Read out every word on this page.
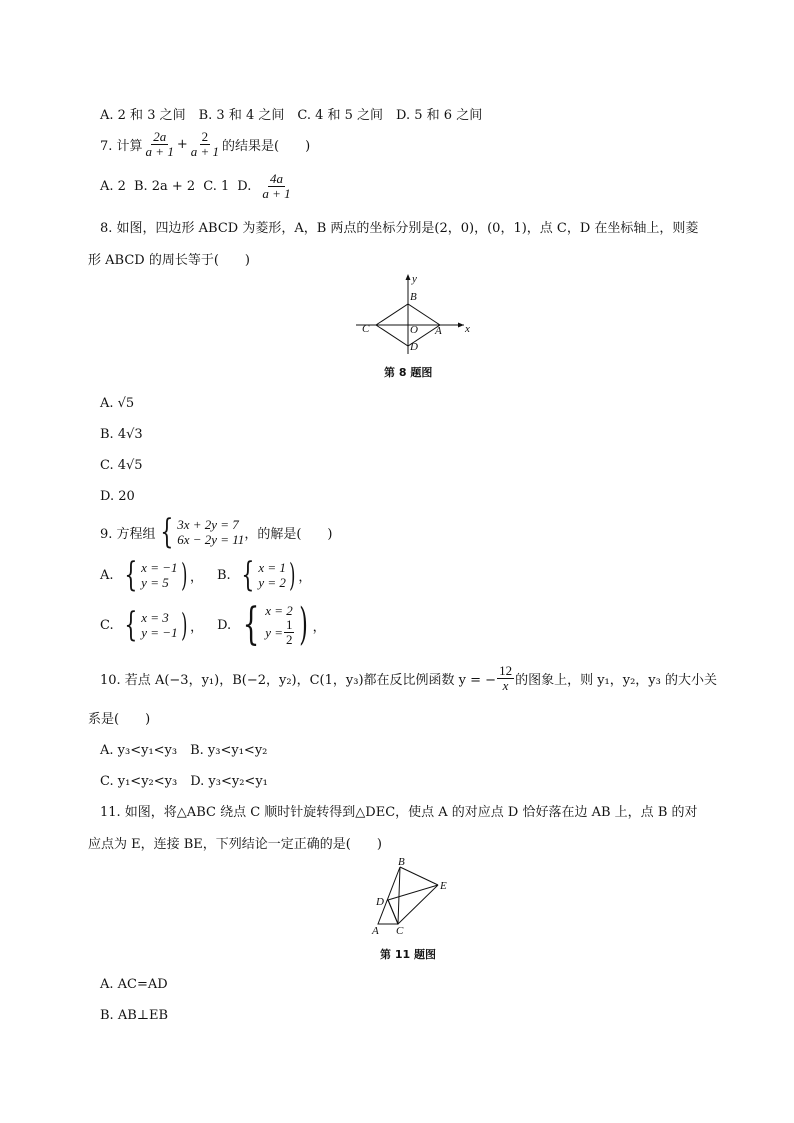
A. 2 和 3 之间　B. 3 和 4 之间　C. 4 和 5 之间　D. 5 和 6 之间
7. 计算 $\frac{2a}{a + 1} + \frac{2}{a + 1}$ 的结果是(　　)
A. 2 B. 2a + 2 C. 1 D. $\frac{4a}{a + 1}$
8. 如图，四边形 ABCD 为菱形，A，B 两点的坐标分别是(2，0)，(0，1)，点 C，D 在坐标轴上，则菱
形 ABCD 的周长等于(　　)
y
x
B
A
C	O
D
第 8 题图
A. √5
B. 4√3
C. 4√5
D. 20
9. 方程组 { 3x + 2y = 7
6x − 2y = 11 ，的解是(　　)
A. { x = −1
y = 5 ) ， B. { x = 1
y = 2 ) ，
C. { x = 3
y = −1 ) ， D. { x = 2
$y = \frac{1}{2}$ ) ，
10. 若点 A(−3，y₁)，B(−2，y₂)，C(1，y₃)都在反比例函数 y = − $\frac{12}{x}$ 的图象上，则 y₁，y₂，y₃ 的大小关
系是(　　)
A. y₃<y₁<y₃　B. y₃<y₁<y₂
C. y₁<y₂<y₃　D. y₃<y₂<y₁
11. 如图，将△ABC 绕点 C 顺时针旋转得到△DEC，使点 A 的对应点 D 恰好落在边 AB 上，点 B 的对
应点为 E，连接 BE，下列结论一定正确的是(　　)
B
E
D
A C
第 11 题图
A. AC=AD
B. AB⊥EB
